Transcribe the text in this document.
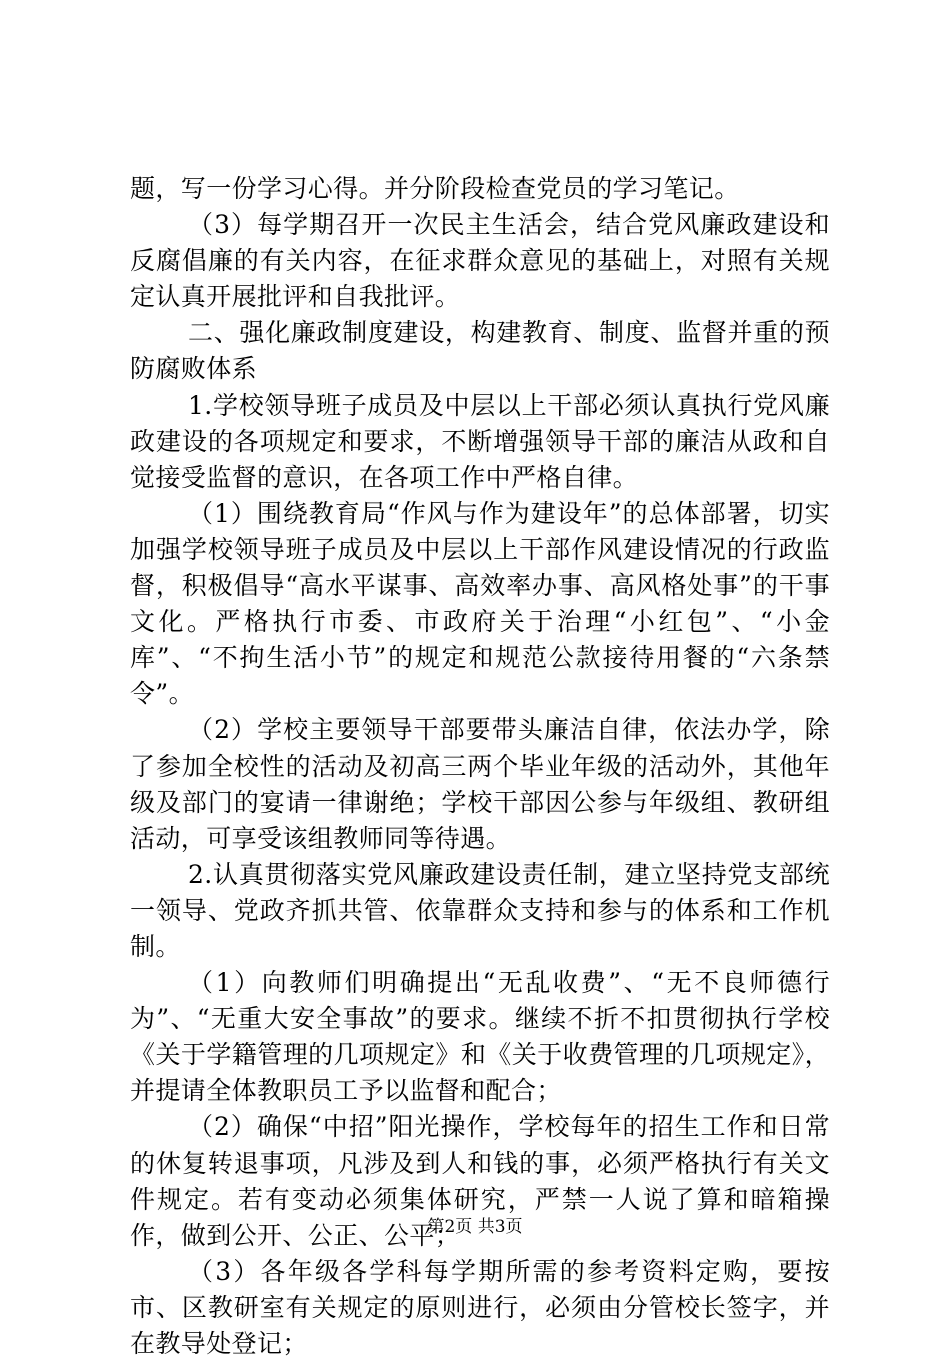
题，写一份学习心得。并分阶段检查党员的学习笔记。

（3）每学期召开一次民主生活会，结合党风廉政建设和反腐倡廉的有关内容，在征求群众意见的基础上，对照有关规定认真开展批评和自我批评。

二、强化廉政制度建设，构建教育、制度、监督并重的预防腐败体系

1.学校领导班子成员及中层以上干部必须认真执行党风廉政建设的各项规定和要求，不断增强领导干部的廉洁从政和自觉接受监督的意识，在各项工作中严格自律。

（1）围绕教育局“作风与作为建设年”的总体部署，切实加强学校领导班子成员及中层以上干部作风建设情况的行政监督，积极倡导“高水平谋事、高效率办事、高风格处事”的干事文化。严格执行市委、市政府关于治理“小红包”、“小金库”、“不拘生活小节”的规定和规范公款接待用餐的“六条禁令”。

（2）学校主要领导干部要带头廉洁自律，依法办学，除了参加全校性的活动及初高三两个毕业年级的活动外，其他年级及部门的宴请一律谢绝；学校干部因公参与年级组、教研组活动，可享受该组教师同等待遇。

2.认真贯彻落实党风廉政建设责任制，建立坚持党支部统一领导、党政齐抓共管、依靠群众支持和参与的体系和工作机制。

（1）向教师们明确提出“无乱收费”、“无不良师德行为”、“无重大安全事故”的要求。继续不折不扣贯彻执行学校《关于学籍管理的几项规定》和《关于收费管理的几项规定》，并提请全体教职员工予以监督和配合；

（2）确保“中招”阳光操作，学校每年的招生工作和日常的休复转退事项，凡涉及到人和钱的事，必须严格执行有关文件规定。若有变动必须集体研究，严禁一人说了算和暗箱操作，做到公开、公正、公平；

（3）各年级各学科每学期所需的参考资料定购，要按市、区教研室有关规定的原则进行，必须由分管校长签字，并在教导处登记；

第2页 共3页
